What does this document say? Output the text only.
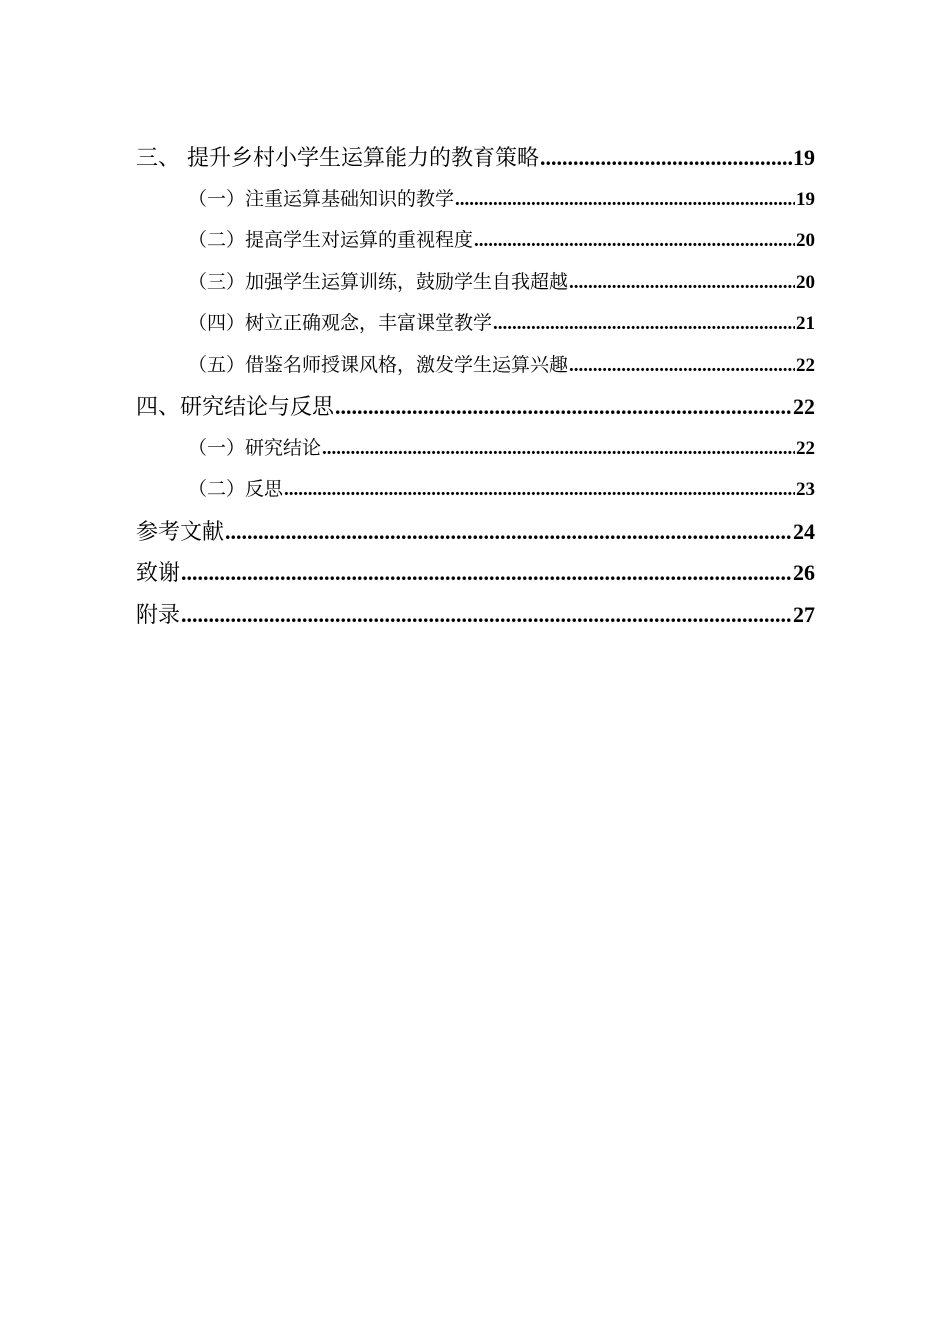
三、 提升乡村小学生运算能力的教育策略 .....	19
（一）注重运算基础知识的教学 .....	19
（二）提高学生对运算的重视程度 .....	20
（三）加强学生运算训练，鼓励学生自我超越 .....	20
（四）树立正确观念，丰富课堂教学 .....	21
（五）借鉴名师授课风格，激发学生运算兴趣 .....	22
四、研究结论与反思 .....	22
（一）研究结论 .....	22
（二）反思 .....	23
参考文献 .....	24
致谢 .....	26
附录 .....	27
